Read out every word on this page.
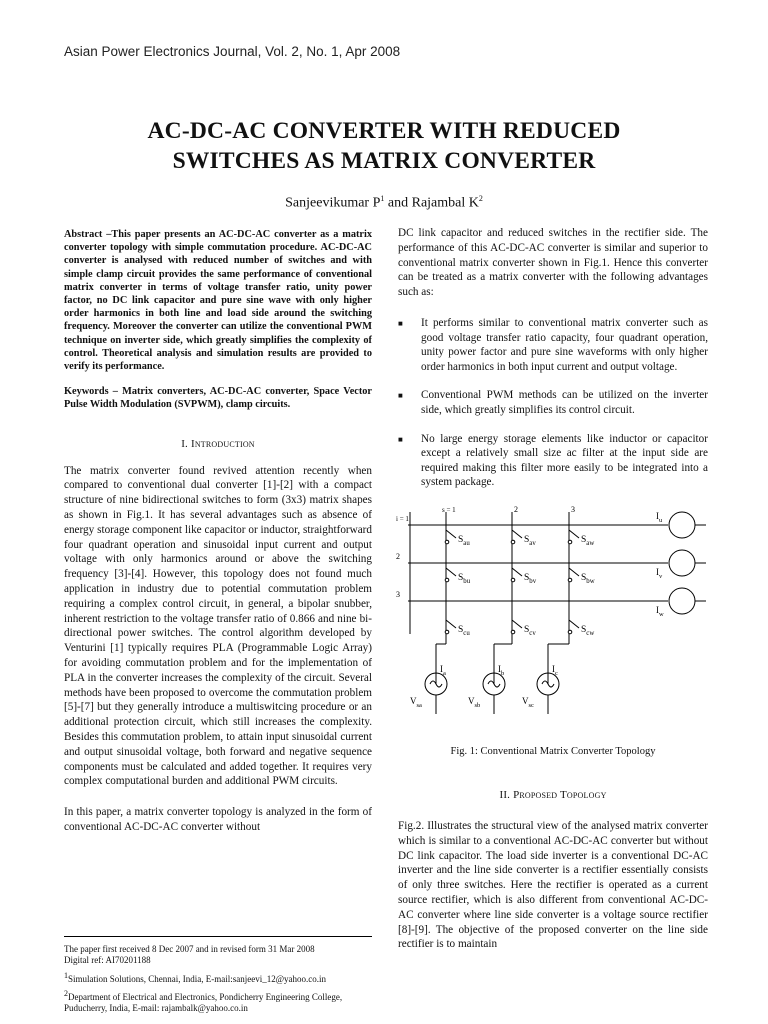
Asian Power Electronics Journal, Vol. 2, No. 1, Apr 2008
AC-DC-AC CONVERTER WITH REDUCED
SWITCHES AS MATRIX CONVERTER
Sanjeevikumar $P^1$ and Rajambal $K^2$

Abstract –This paper presents an AC-DC-AC converter as a matrix converter topology with simple commutation procedure. AC-DC-AC converter is analysed with reduced number of switches and with simple clamp circuit provides the same performance of conventional matrix converter in terms of voltage transfer ratio, unity power factor, no DC link capacitor and pure sine wave with only higher order harmonics in both line and load side around the switching frequency. Moreover the converter can utilize the conventional PWM technique on inverter side, which greatly simplifies the complexity of control. Theoretical analysis and simulation results are provided to verify its performance.

Keywords – Matrix converters, AC-DC-AC converter, Space Vector Pulse Width Modulation (SVPWM), clamp circuits.

I. Introduction

The matrix converter found revived attention recently when compared to conventional dual converter [1]-[2] with a compact structure of nine bidirectional switches to form (3x3) matrix shapes as shown in Fig.1. It has several advantages such as absence of energy storage component like capacitor or inductor, straightforward four quadrant operation and sinusoidal input current and output voltage with only harmonics around or above the switching frequency [3]-[4]. However, this topology does not found much application in industry due to potential commutation problem requiring a complex control circuit, in general, a bipolar snubber, inherent restriction to the voltage transfer ratio of 0.866 and nine bi-directional power switches. The control algorithm developed by Venturini [1] typically requires PLA (Programmable Logic Array) for avoiding commutation problem and for the implementation of PLA in the converter increases the complexity of the circuit. Several methods have been proposed to overcome the commutation problem [5]-[7] but they generally introduce a multiswitcing procedure or an additional protection circuit, which still increases the complexity. Besides this commutation problem, to attain input sinusoidal current and output sinusoidal voltage, both forward and negative sequence components must be calculated and added together. It requires very complex computational burden and additional PWM circuits.

In this paper, a matrix converter topology is analyzed in the form of conventional AC-DC-AC converter without

The paper first received 8 Dec 2007 and in revised form 31 Mar 2008
Digital ref: AI70201188
$^1$Simulation Solutions, Chennai, India, E-mail:sanjeevi_12@yahoo.co.in
$^2$Department of Electrical and Electronics, Pondicherry Engineering College, Puducherry, India, E-mail: rajambalk@yahoo.co.in

DC link capacitor and reduced switches in the rectifier side. The performance of this AC-DC-AC converter is similar and superior to conventional matrix converter shown in Fig.1. Hence this converter can be treated as a matrix converter with the following advantages such as:

■ It performs similar to conventional matrix converter such as good voltage transfer ratio capacity, four quadrant operation, unity power factor and pure sine waveforms with only higher order harmonics in both input current and output voltage.
■ Conventional PWM methods can be utilized on the inverter side, which greatly simplifies its control circuit.
■ No large energy storage elements like inductor or capacitor except a relatively small size ac filter at the input side are required making this filter more easily to be integrated into a system package.
$S_{au}$	$S_{av}$	$S_{aw}$
$S_{bu}$	$S_{bv}$	$S_{bw}$
$S_{cu}$	$S_{cv}$	$S_{cw}$
i = 1
2
3
s = 1	2	3
$I_u$
$I_v$
$I_w$
$I_a$
$V_{sa}$
$I_b$
$V_{sb}$
$I_c$
$V_{sc}$
Fig. 1: Conventional Matrix Converter Topology
II. Proposed Topology

Fig.2. Illustrates the structural view of the analysed matrix converter which is similar to a conventional AC-DC-AC converter but without DC link capacitor. The load side inverter is a conventional DC-AC inverter and the line side converter is a rectifier essentially consists of only three switches. Here the rectifier is operated as a current source rectifier, which is also different from conventional AC-DC-AC converter where line side converter is a voltage source rectifier [8]-[9]. The objective of the proposed converter on the line side rectifier is to maintain
